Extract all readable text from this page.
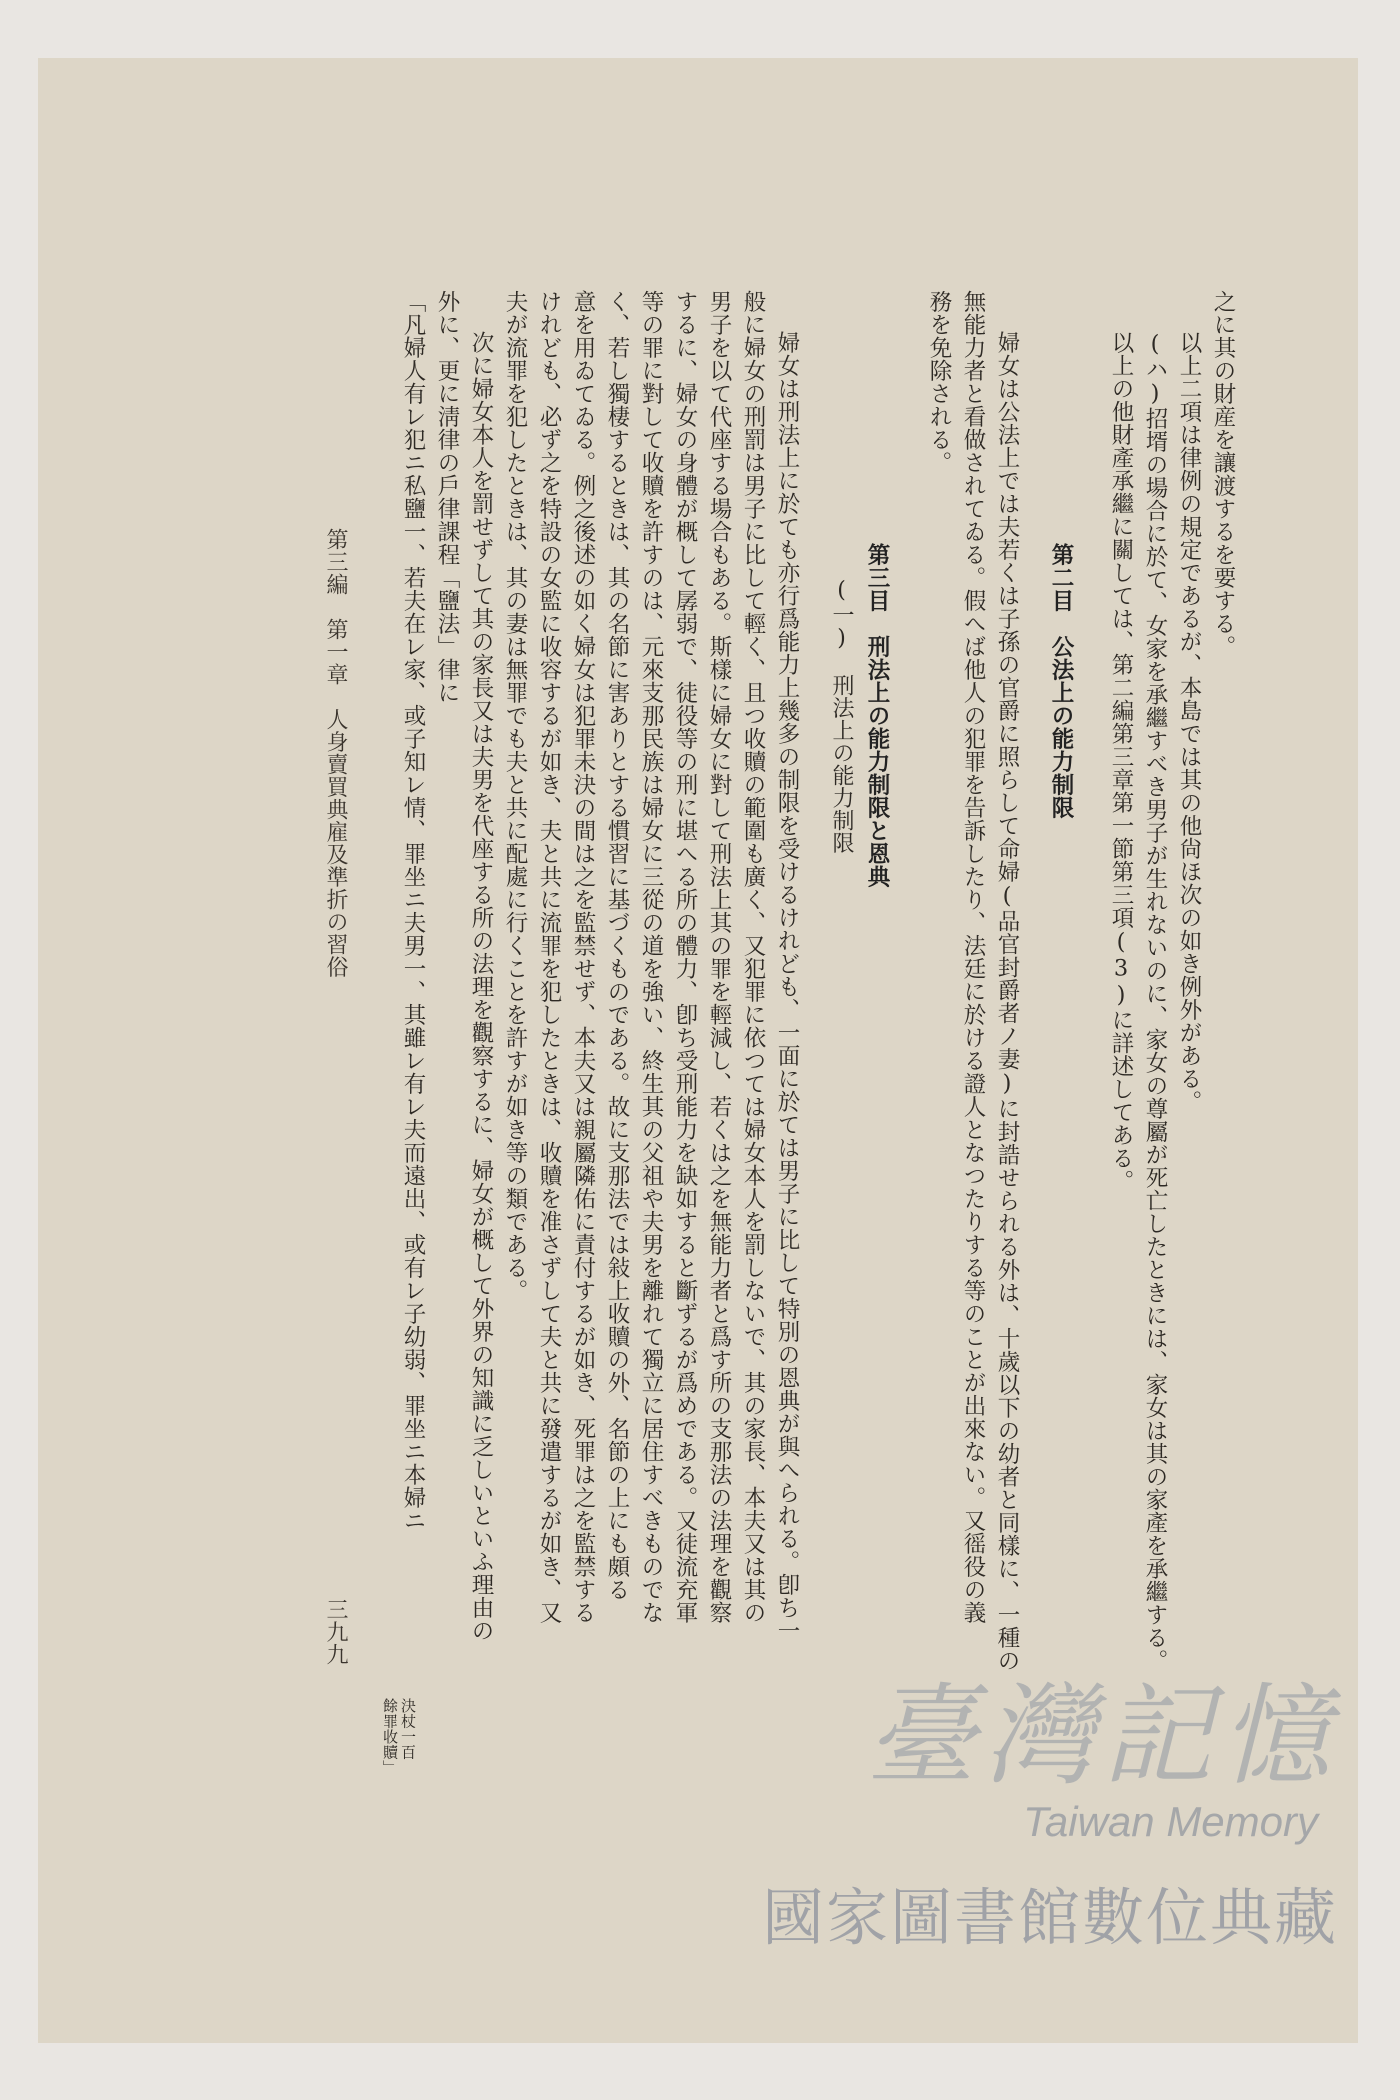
之に其の財産を讓渡するを要する。
以上二項は律例の規定であるが、本島では其の他尙ほ次の如き例外がある。
(ハ)招壻の場合に於て、女家を承繼すべき男子が生れないのに、家女の尊屬が死亡したときには、家女は其の家產を承繼する。
以上の他財產承繼に關しては、第二編第三章第一節第三項(3)に詳述してある。
第二目　公法上の能力制限
婦女は公法上では夫若くは子孫の官爵に照らして命婦(品官封爵者ノ妻)に封誥せられる外は、十歲以下の幼者と同樣に、一種の
無能力者と看做されてゐる。假へば他人の犯罪を告訴したり、法廷に於ける證人となつたりする等のことが出來ない。又徭役の義
務を免除される。
第三目　刑法上の能力制限と恩典
(一)　刑法上の能力制限
婦女は刑法上に於ても亦行爲能力上幾多の制限を受けるけれども、一面に於ては男子に比して特別の恩典が與へられる。卽ち一
般に婦女の刑罰は男子に比して輕く、且つ收贖の範圍も廣く、又犯罪に依つては婦女本人を罰しないで、其の家長、本夫又は其の
男子を以て代座する場合もある。斯樣に婦女に對して刑法上其の罪を輕減し、若くは之を無能力者と爲す所の支那法の法理を觀察
するに、婦女の身體が概して孱弱で、徒役等の刑に堪へる所の體力、卽ち受刑能力を缺如すると斷ずるが爲めである。又徒流充軍
等の罪に對して收贖を許すのは、元來支那民族は婦女に三從の道を強い、終生其の父祖や夫男を離れて獨立に居住すべきものでな
く、若し獨棲するときは、其の名節に害ありとする慣習に基づくものである。故に支那法では敍上收贖の外、名節の上にも頗る
意を用ゐてゐる。例之後述の如く婦女は犯罪未決の間は之を監禁せず、本夫又は親屬隣佑に責付するが如き、死罪は之を監禁する
けれども、必ず之を特設の女監に收容するが如き、夫と共に流罪を犯したときは、收贖を准さずして夫と共に發遣するが如き、又
夫が流罪を犯したときは、其の妻は無罪でも夫と共に配處に行くことを許すが如き等の類である。
次に婦女本人を罰せずして其の家長又は夫男を代座する所の法理を觀察するに、婦女が概して外界の知識に乏しいといふ理由の
外に、更に淸律の戶律課程「鹽法」律に
「凡婦人有レ犯ニ私鹽一、若夫在レ家、或子知レ情、罪坐ニ夫男一、其雖レ有レ夫而遠出、或有レ子幼弱、罪坐ニ本婦ニ
決杖一百
餘罪收贖」
第三編　第一章　人身賣買典雇及準折の習俗
三九九
臺灣記憶
Taiwan Memory
國家圖書館數位典藏
